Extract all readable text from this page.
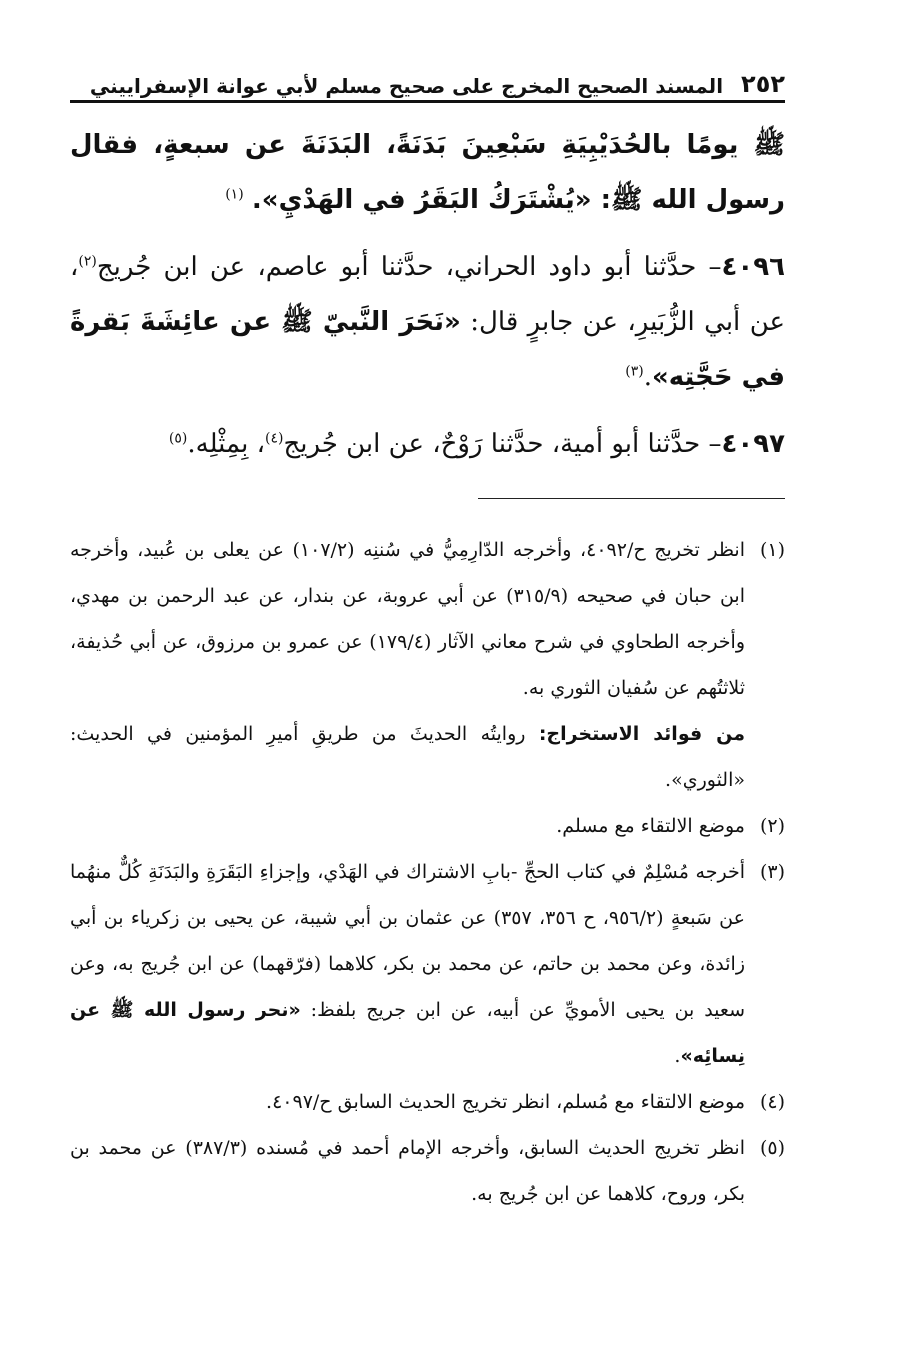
٢٥٢
المسند الصحيح المخرج على صحيح مسلم لأبي عوانة الإسفراييني

ﷺ يومًا بالحُدَيْبِيَةِ سَبْعِينَ بَدَنَةً، البَدَنَةَ عن سبعةٍ، فقال رسول الله ﷺ: «يُشْتَرَكُ البَقَرُ في الهَدْيِ». $^{(١)}$

٤٠٩٦– حدَّثنا أبو داود الحراني، حدَّثنا أبو عاصم، عن ابن جُريج$^{(٢)}$، عن أبي الزُّبَيرِ، عن جابرٍ قال: «نَحَرَ النَّبيّ ﷺ عن عائِشَةَ بَقرةً في حَجَّتِه».$^{(٣)}$

٤٠٩٧– حدَّثنا أبو أمية، حدَّثنا رَوْحٌ، عن ابن جُريج$^{(٤)}$، بِمِثْلِه.$^{(٥)}$

(١)انظر تخريج ح/٤٠٩٢، وأخرجه الدّارِمِيُّ في سُننِه (١٠٧/٢) عن يعلى بن عُبيد، وأخرجه ابن حبان في صحيحه (٣١٥/٩) عن أبي عروبة، عن بندار، عن عبد الرحمن بن مهدي، وأخرجه الطحاوي في شرح معاني الآثار (١٧٩/٤) عن عمرو بن مرزوق، عن أبي حُذيفة، ثلاثتُهم عن سُفيان الثوري به.

من فوائد الاستخراج: روايتُه الحديثَ من طريقِ أميرِ المؤمنين في الحديث: «الثوري».

(٢)موضع الالتقاء مع مسلم.

(٣)أخرجه مُسْلِمٌ في كتاب الحجِّ -بابِ الاشتراك في الهَدْي، وإجزاءِ البَقَرَةِ والبَدَنَةِ كُلٌّ منهُما عن سَبعةٍ (٩٥٦/٢، ح ٣٥٦، ٣٥٧) عن عثمان بن أبي شيبة، عن يحيى بن زكرياء بن أبي زائدة، وعن محمد بن حاتم، عن محمد بن بكر، كلاهما (فرّقهما) عن ابن جُريج به، وعن سعيد بن يحيى الأمويِّ عن أبيه، عن ابن جريج بلفظ: «نحر رسول الله ﷺ عن نِسائِه».

(٤)موضع الالتقاء مع مُسلم، انظر تخريج الحديث السابق ح/٤٠٩٧.

(٥)انظر تخريج الحديث السابق، وأخرجه الإمام أحمد في مُسنده (٣٨٧/٣) عن محمد بن بكر، وروح، كلاهما عن ابن جُريج به.
